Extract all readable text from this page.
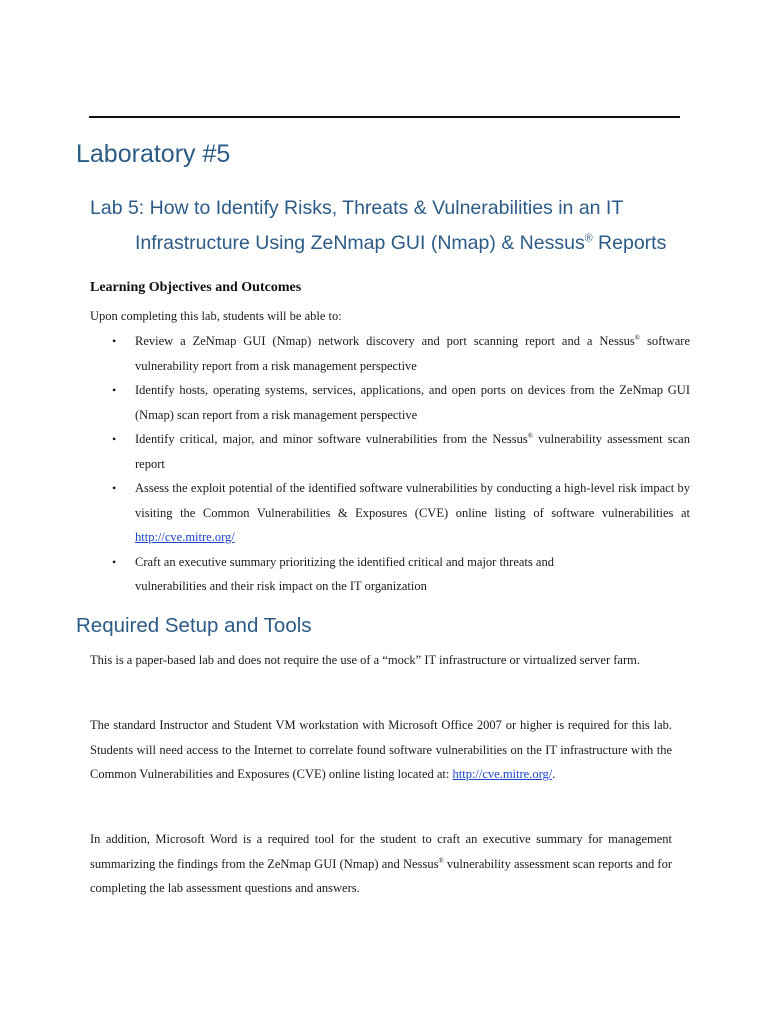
Laboratory #5
Lab 5: How to Identify Risks, Threats & Vulnerabilities in an IT
Infrastructure Using ZeNmap GUI (Nmap) & Nessus® Reports
Learning Objectives and Outcomes

Upon completing this lab, students will be able to:

• Review a ZeNmap GUI (Nmap) network discovery and port scanning report and a Nessus® software vulnerability report from a risk management perspective
• Identify hosts, operating systems, services, applications, and open ports on devices from the ZeNmap GUI (Nmap) scan report from a risk management perspective
• Identify critical, major, and minor software vulnerabilities from the Nessus® vulnerability assessment scan report
• Assess the exploit potential of the identified software vulnerabilities by conducting a high-level risk impact by visiting the Common Vulnerabilities & Exposures (CVE) online listing of software vulnerabilities at http://cve.mitre.org/
• Craft an executive summary prioritizing the identified critical and major threats and
vulnerabilities and their risk impact on the IT organization
Required Setup and Tools

This is a paper-based lab and does not require the use of a “mock” IT infrastructure or virtualized server farm.

The standard Instructor and Student VM workstation with Microsoft Office 2007 or higher is required for this lab. Students will need access to the Internet to correlate found software vulnerabilities on the IT infrastructure with the Common Vulnerabilities and Exposures (CVE) online listing located at: http://cve.mitre.org/.

In addition, Microsoft Word is a required tool for the student to craft an executive summary for management summarizing the findings from the ZeNmap GUI (Nmap) and Nessus® vulnerability assessment scan reports and for completing the lab assessment questions and answers.
